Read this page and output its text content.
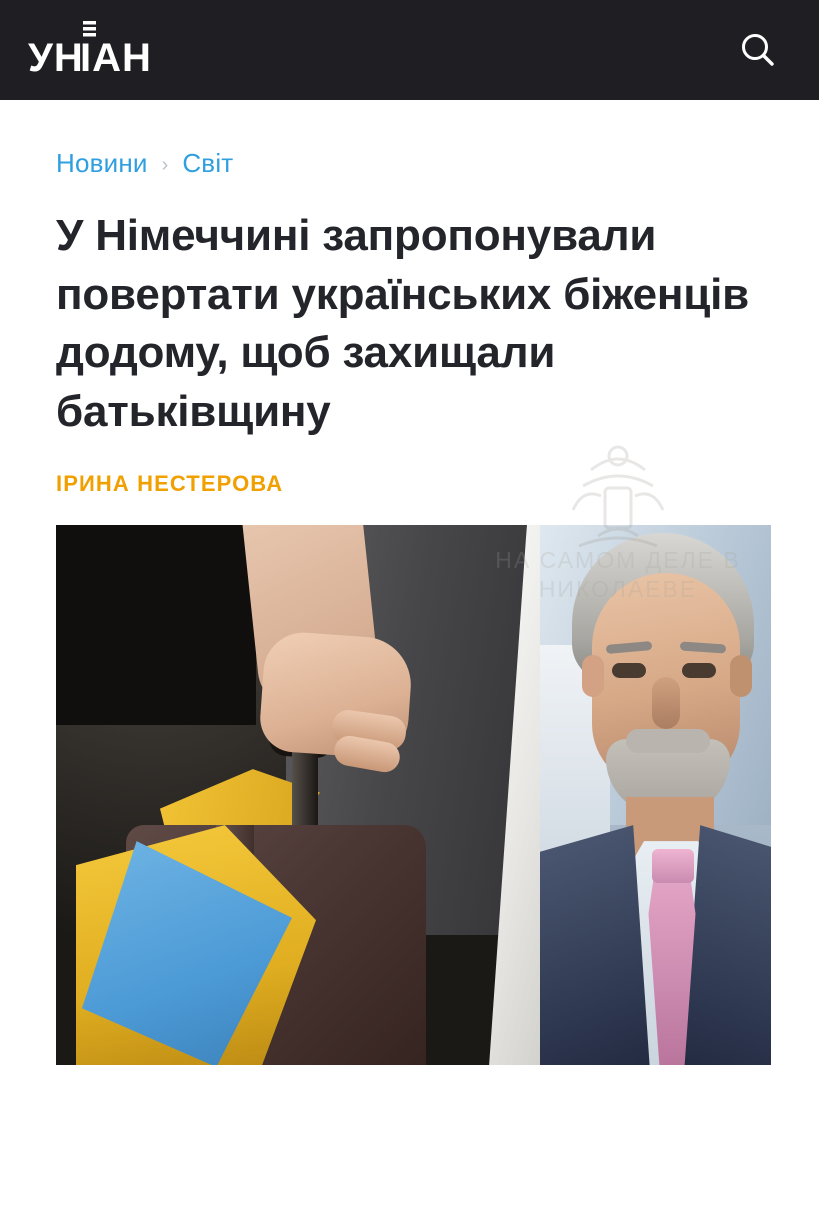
УН
ІАН
Новини › Світ
У Німеччині запропонували повертати українських біженців додому, щоб захищали батьківщину
ІРИНА НЕСТЕРОВА
НА САМОМ ДЕЛЕ В
НИКОЛАЕВЕ
